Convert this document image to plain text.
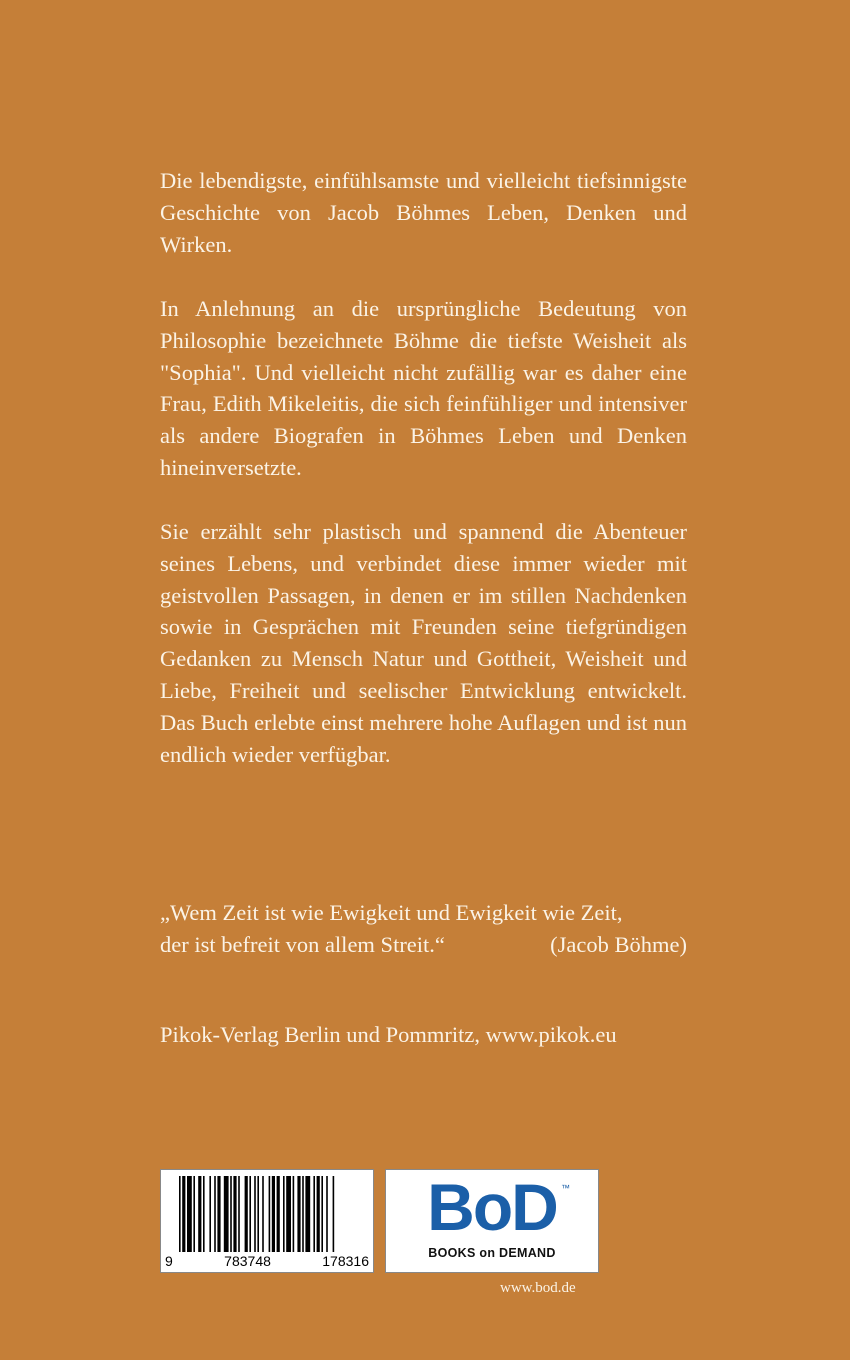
Die lebendigste, einfühlsamste und vielleicht tiefsinnigste Geschichte von Jacob Böhmes Leben, Denken und Wirken.

In Anlehnung an die ursprüngliche Bedeutung von Philosophie bezeichnete Böhme die tiefste Weisheit als "Sophia". Und vielleicht nicht zufällig war es daher eine Frau, Edith Mikeleitis, die sich feinfühliger und intensiver als andere Biografen in Böhmes Leben und Denken hineinversetzte.

Sie erzählt sehr plastisch und spannend die Abenteuer seines Lebens, und verbindet diese immer wieder mit geistvollen Passagen, in denen er im stillen Nachdenken sowie in Gesprächen mit Freunden seine tiefgründigen Gedanken zu Mensch Natur und Gottheit, Weisheit und Liebe, Freiheit und seelischer Entwicklung entwickelt. Das Buch erlebte einst mehrere hohe Auflagen und ist nun endlich wieder verfügbar.

„Wem Zeit ist wie Ewigkeit und Ewigkeit wie Zeit,
der ist befreit von allem Streit.“	(Jacob Böhme)
Pikok-Verlag Berlin und Pommritz, www.pikok.eu
9	783748	178316
BoD ™
BOOKS on DEMAND
www.bod.de
